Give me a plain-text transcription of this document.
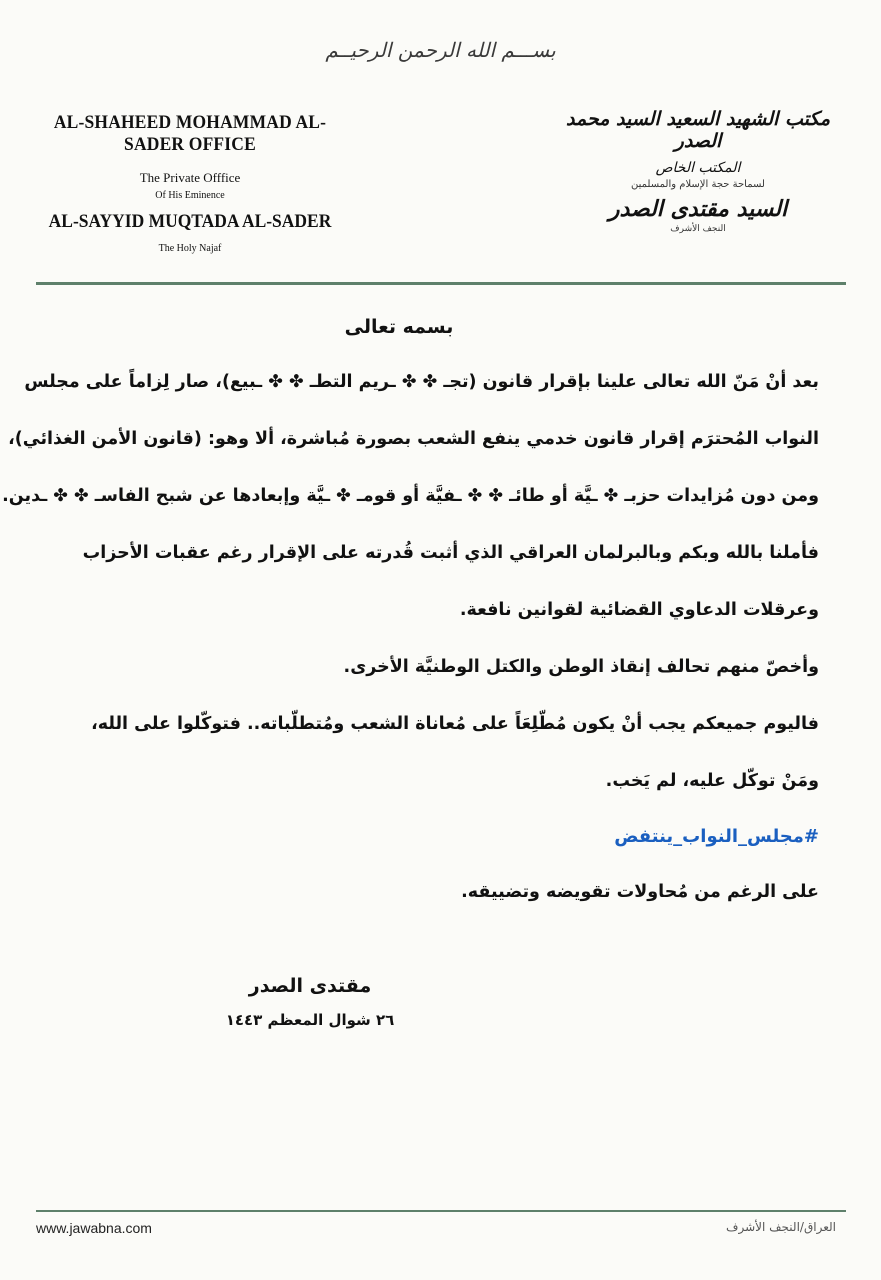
بســـم الله الرحمن الرحيــم
AL-SHAHEED MOHAMMAD AL-SADER OFFICE
The Private Offfice
Of His Eminence
AL-SAYYID MUQTADA AL-SADER
The Holy Najaf
مكتب الشهيد السعيد السيد محمد الصدر
المكتب الخاص
لسماحة حجة الإسلام والمسلمين
السيد مقتدى الصدر
النجف الأشرف
بسمه تعالى

بعد أنْ مَنّ الله تعالى علينا بإقرار قانون (تجـ ✤ ✤ ـريم التطـ ✤ ✤ ـبيع)، صار لِزاماً على مجلس

النواب المُحترَم إقرار قانون خدمي ينفع الشعب بصورة مُباشرة، ألا وهو: (قانون الأمن الغذائي)،

ومن دون مُزايدات حزبـ ✤ ـيَّة أو طائـ ✤ ✤ ـفيَّة أو قومـ ✤ ـيَّة وإبعادها عن شبح الفاسـ ✤ ✤ ـدين.

فأملنا بالله وبكم وبالبرلمان العراقي الذي أثبت قُدرته على الإقرار رغم عقبات الأحزاب

وعرقلات الدعاوي القضائية لقوانين نافعة.

وأخصّ منهم تحالف إنقاذ الوطن والكتل الوطنيَّة الأخرى.

فاليوم جميعكم يجب أنْ يكون مُطّلِعَاً على مُعاناة الشعب ومُتطلّباته.. فتوكّلوا على الله،

ومَنْ توكّل عليه، لم يَخب.

#مجلس_النواب_ينتفض

على الرغم من مُحاولات تقويضه وتضييقه.

مقتدى الصدر
٢٦ شوال المعظم ١٤٤٣
www.jawabna.com	العراق/النجف الأشرف
